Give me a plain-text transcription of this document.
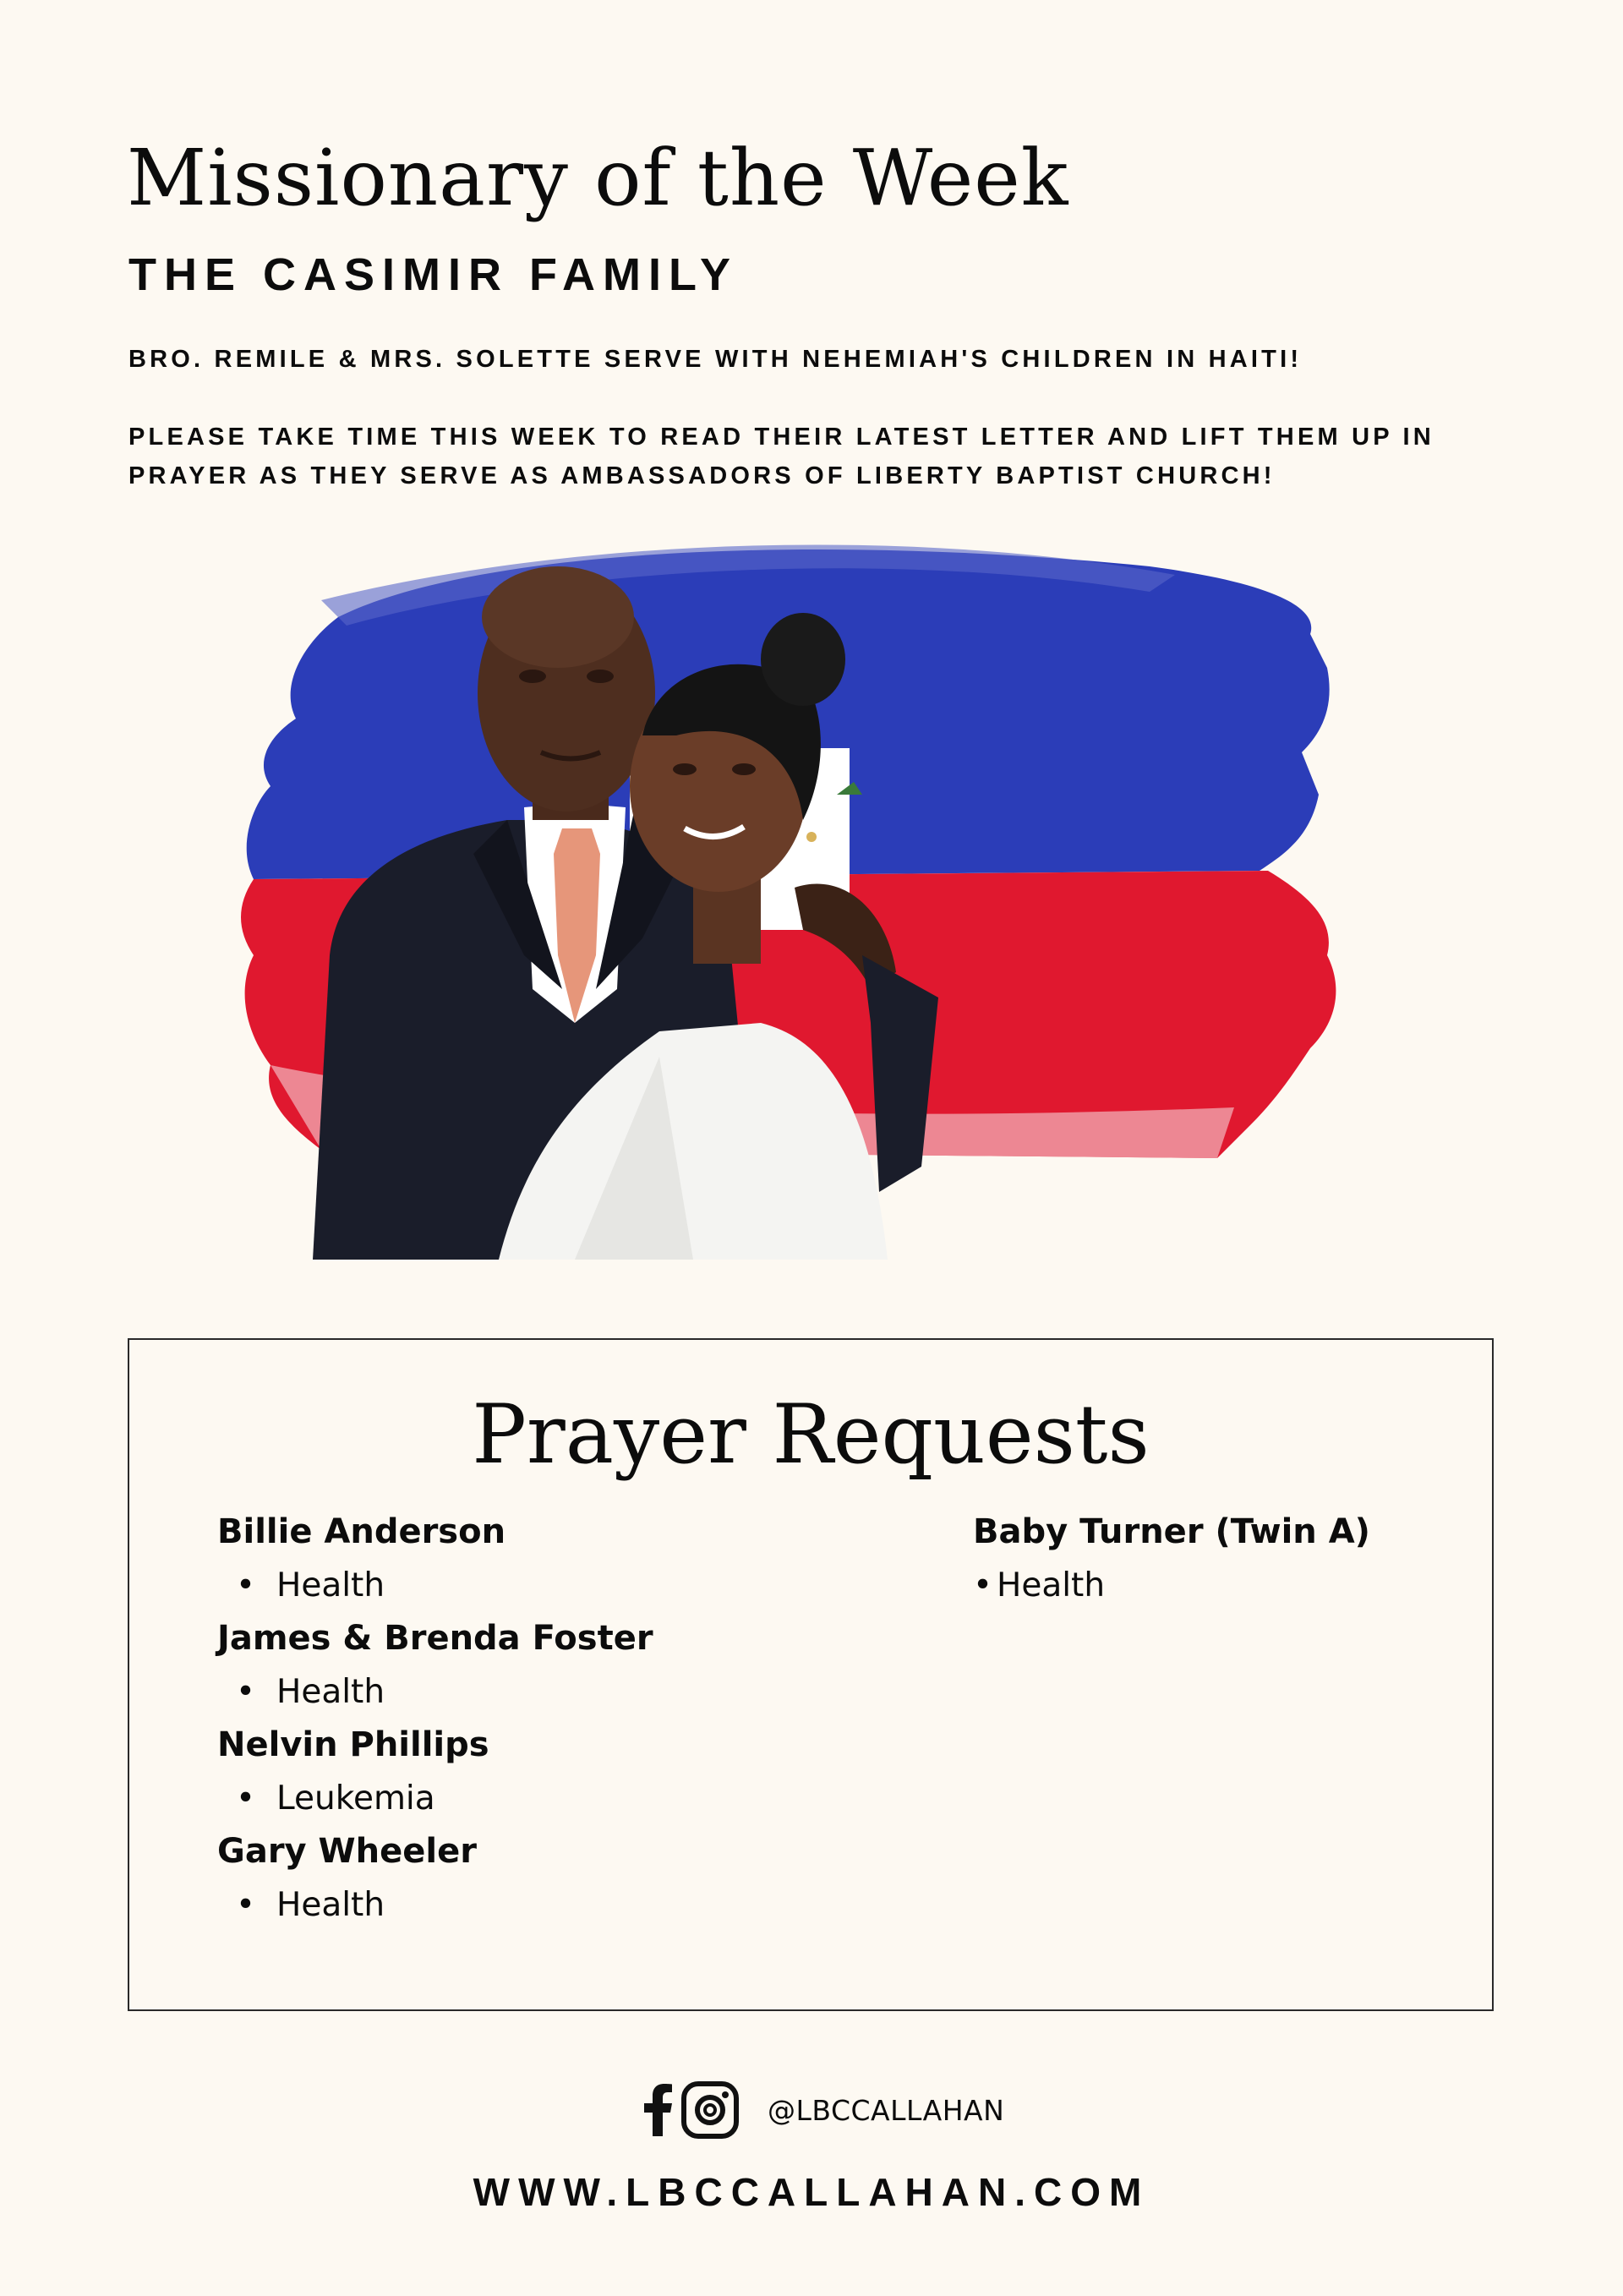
Missionary of the Week
THE CASIMIR FAMILY

BRO. REMILE & MRS. SOLETTE SERVE WITH NEHEMIAH'S CHILDREN IN HAITI!

PLEASE TAKE TIME THIS WEEK TO READ THEIR LATEST LETTER AND LIFT THEM UP IN PRAYER AS THEY SERVE AS AMBASSADORS OF LIBERTY BAPTIST CHURCH!

Prayer Requests

Billie Anderson

• Health

James & Brenda Foster

• Health

Nelvin Phillips

• Leukemia

Gary Wheeler

• Health

Baby Turner (Twin A)

• Health

@LBCCALLAHAN

WWW.LBCCALLAHAN.COM
